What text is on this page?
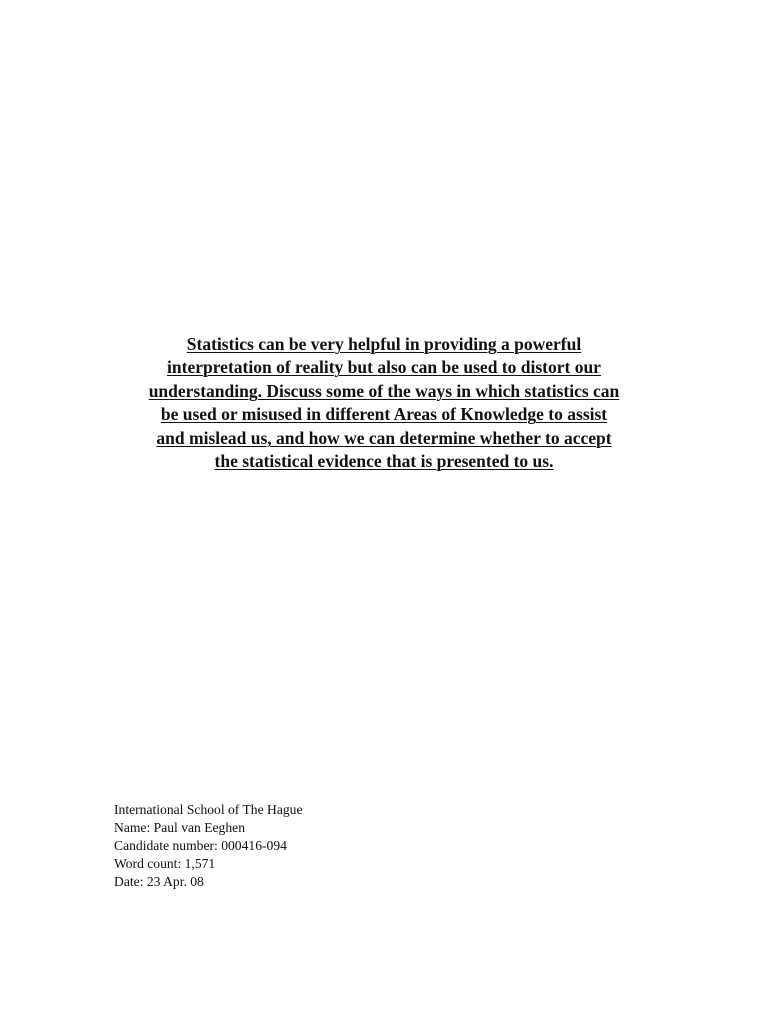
Statistics can be very helpful in providing a powerful
interpretation of reality but also can be used to distort our
understanding. Discuss some of the ways in which statistics can
be used or misused in different Areas of Knowledge to assist
and mislead us, and how we can determine whether to accept
the statistical evidence that is presented to us.
International School of The Hague
Name: Paul van Eeghen
Candidate number: 000416-094
Word count: 1,571
Date: 23 Apr. 08
